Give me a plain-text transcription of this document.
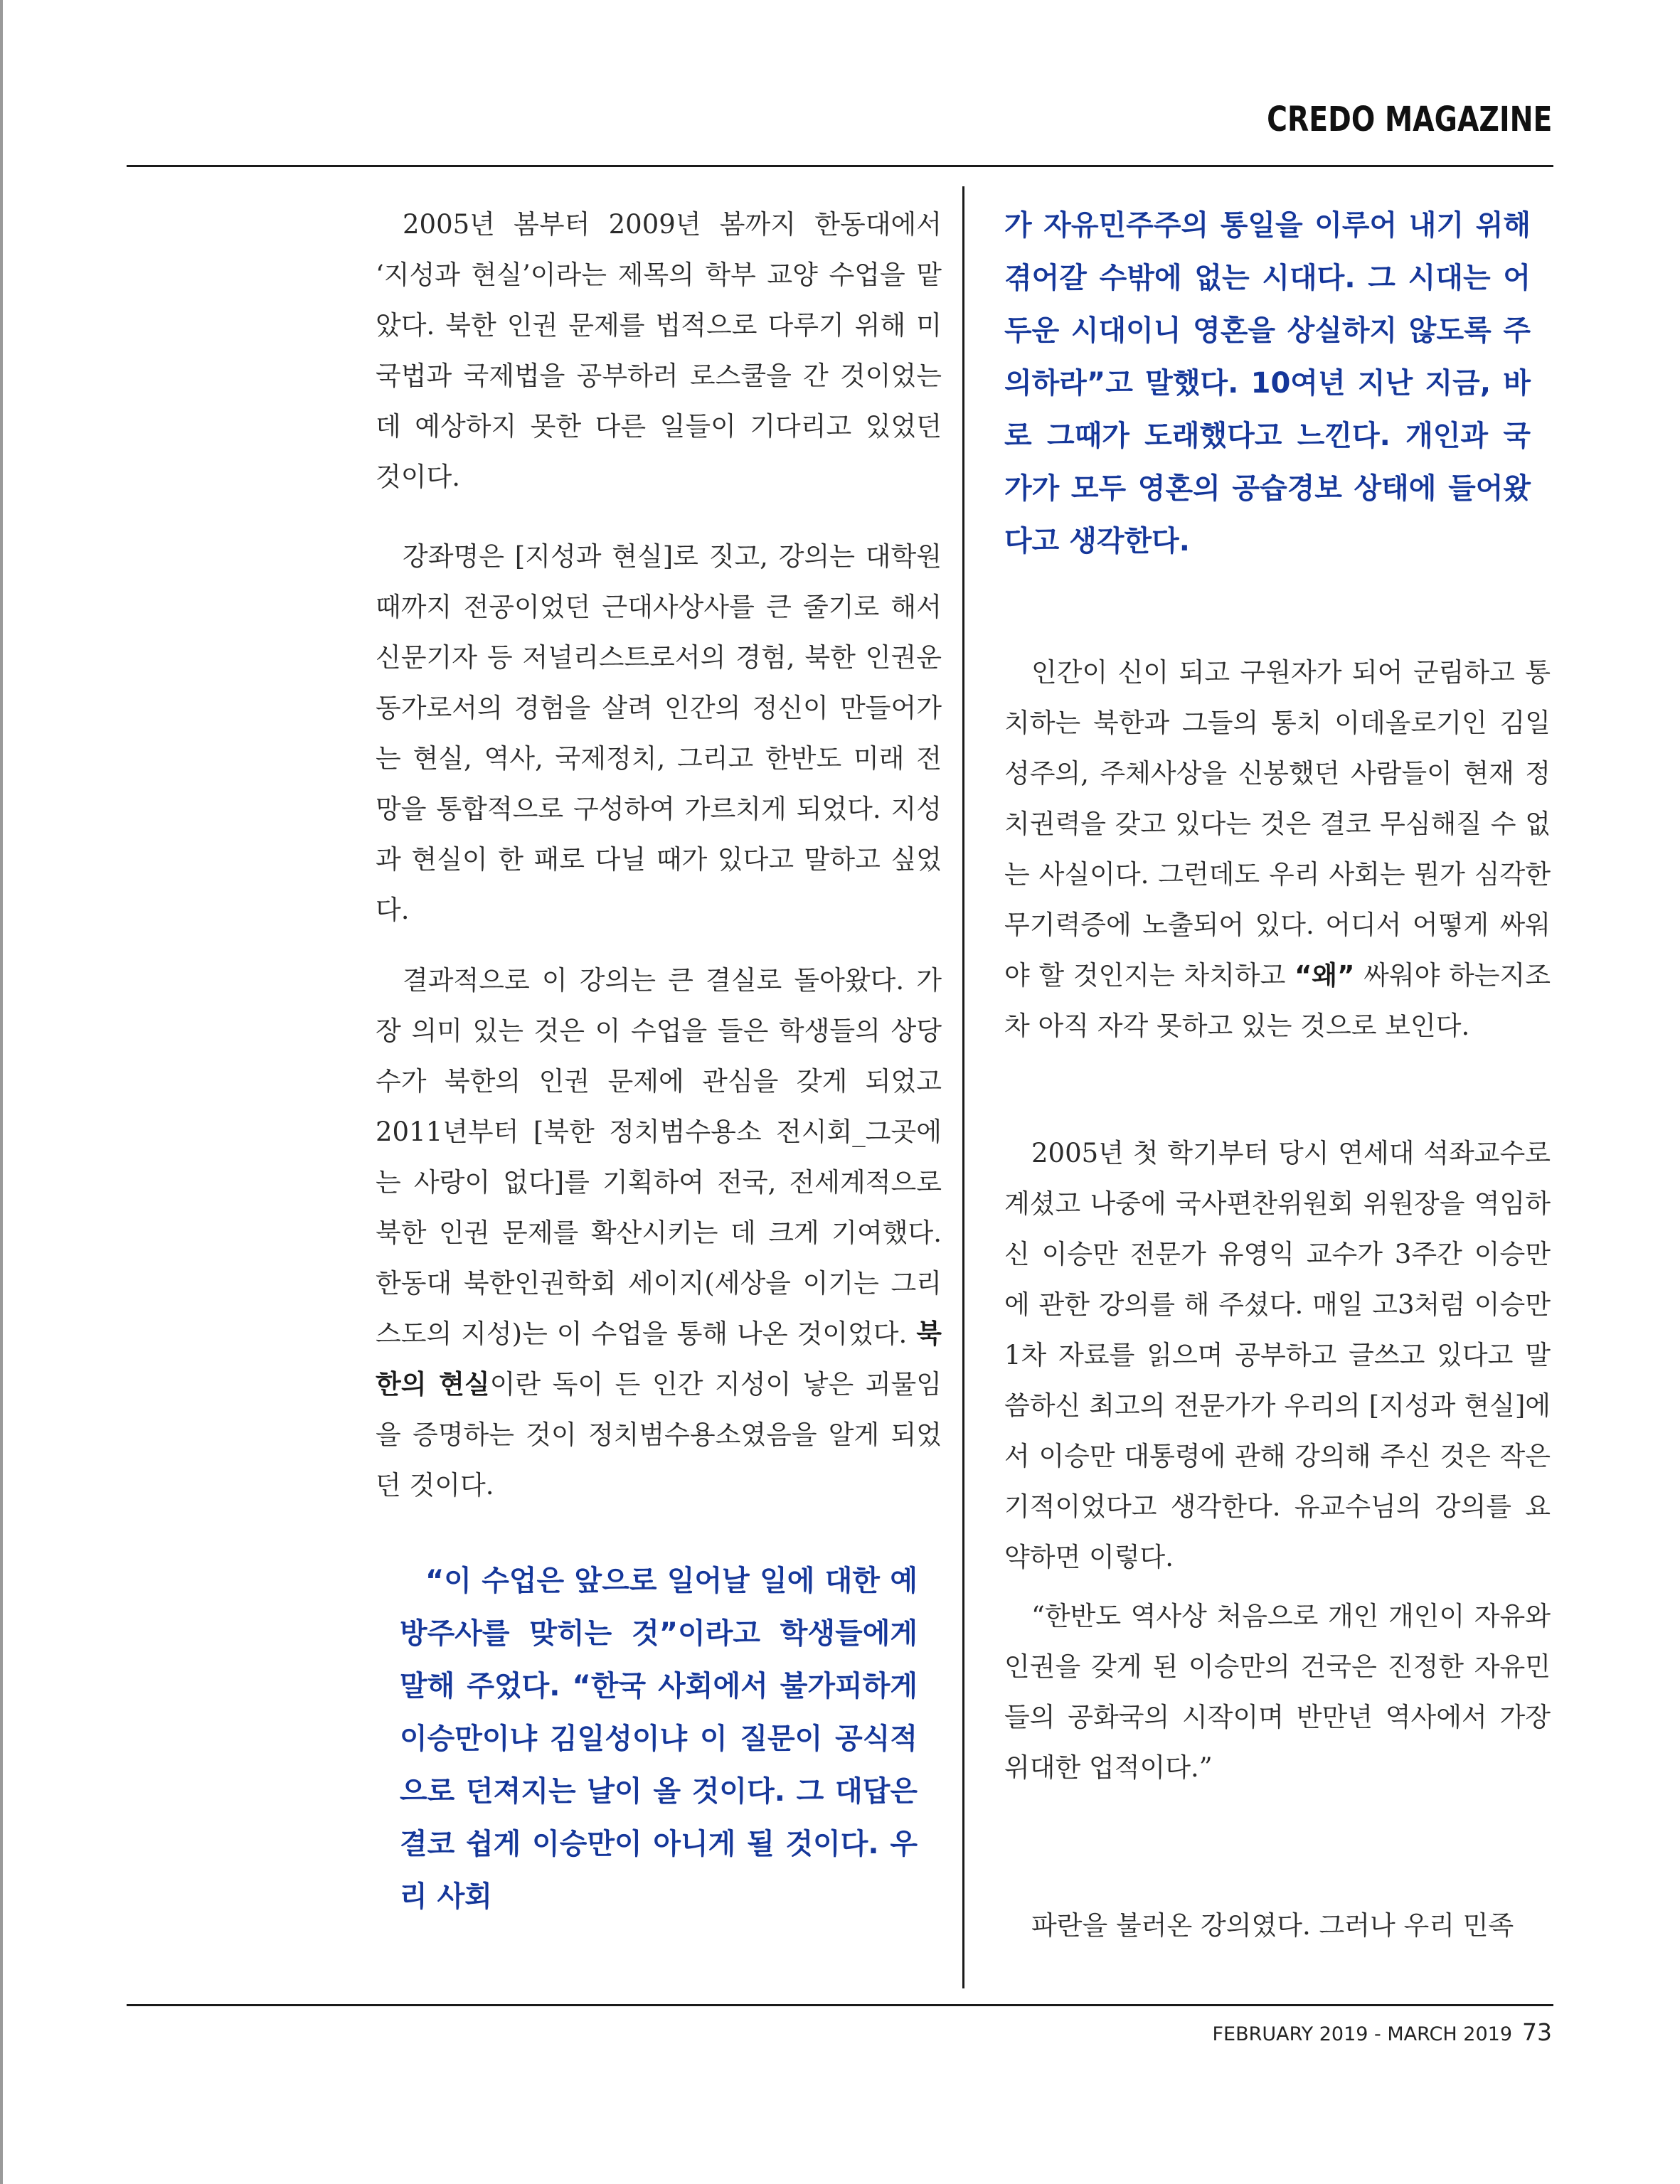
CREDO MAGAZINE

2005년 봄부터 2009년 봄까지 한동대에서 ‘지성과 현실’이라는 제목의 학부 교양 수업을 맡았다. 북한 인권 문제를 법적으로 다루기 위해 미국법과 국제법을 공부하러 로스쿨을 간 것이었는데 예상하지 못한 다른 일들이 기다리고 있었던 것이다.

강좌명은 [지성과 현실]로 짓고, 강의는 대학원때까지 전공이었던 근대사상사를 큰 줄기로 해서 신문기자 등 저널리스트로서의 경험, 북한 인권운동가로서의 경험을 살려 인간의 정신이 만들어가는 현실, 역사, 국제정치, 그리고 한반도 미래 전망을 통합적으로 구성하여 가르치게 되었다. 지성과 현실이 한 패로 다닐 때가 있다고 말하고 싶었다.

결과적으로 이 강의는 큰 결실로 돌아왔다. 가장 의미 있는 것은 이 수업을 들은 학생들의 상당수가 북한의 인권 문제에 관심을 갖게 되었고 2011년부터 [북한 정치범수용소 전시회_그곳에는 사랑이 없다]를 기획하여 전국, 전세계적으로 북한 인권 문제를 확산시키는 데 크게 기여했다. 한동대 북한인권학회 세이지(세상을 이기는 그리스도의 지성)는 이 수업을 통해 나온 것이었다. 북한의 현실이란 독이 든 인간 지성이 낳은 괴물임을 증명하는 것이 정치범수용소였음을 알게 되었던 것이다.

“이 수업은 앞으로 일어날 일에 대한 예방주사를 맞히는 것”이라고 학생들에게 말해 주었다. “한국 사회에서 불가피하게 이승만이냐 김일성이냐 이 질문이 공식적으로 던져지는 날이 올 것이다. 그 대답은 결코 쉽게 이승만이 아니게 될 것이다. 우리 사회

가 자유민주주의 통일을 이루어 내기 위해 겪어갈 수밖에 없는 시대다. 그 시대는 어두운 시대이니 영혼을 상실하지 않도록 주의하라”고 말했다. 10여년 지난 지금, 바로 그때가 도래했다고 느낀다. 개인과 국가가 모두 영혼의 공습경보 상태에 들어왔다고 생각한다.

인간이 신이 되고 구원자가 되어 군림하고 통치하는 북한과 그들의 통치 이데올로기인 김일성주의, 주체사상을 신봉했던 사람들이 현재 정치권력을 갖고 있다는 것은 결코 무심해질 수 없는 사실이다. 그런데도 우리 사회는 뭔가 심각한 무기력증에 노출되어 있다. 어디서 어떻게 싸워야 할 것인지는 차치하고 “왜” 싸워야 하는지조차 아직 자각 못하고 있는 것으로 보인다.

2005년 첫 학기부터 당시 연세대 석좌교수로 계셨고 나중에 국사편찬위원회 위원장을 역임하신 이승만 전문가 유영익 교수가 3주간 이승만에 관한 강의를 해 주셨다. 매일 고3처럼 이승만 1차 자료를 읽으며 공부하고 글쓰고 있다고 말씀하신 최고의 전문가가 우리의 [지성과 현실]에서 이승만 대통령에 관해 강의해 주신 것은 작은 기적이었다고 생각한다. 유교수님의 강의를 요약하면 이렇다.

“한반도 역사상 처음으로 개인 개인이 자유와 인권을 갖게 된 이승만의 건국은 진정한 자유민들의 공화국의 시작이며 반만년 역사에서 가장 위대한 업적이다.”

파란을 불러온 강의였다. 그러나 우리 민족

FEBRUARY 2019 - MARCH 2019 73
